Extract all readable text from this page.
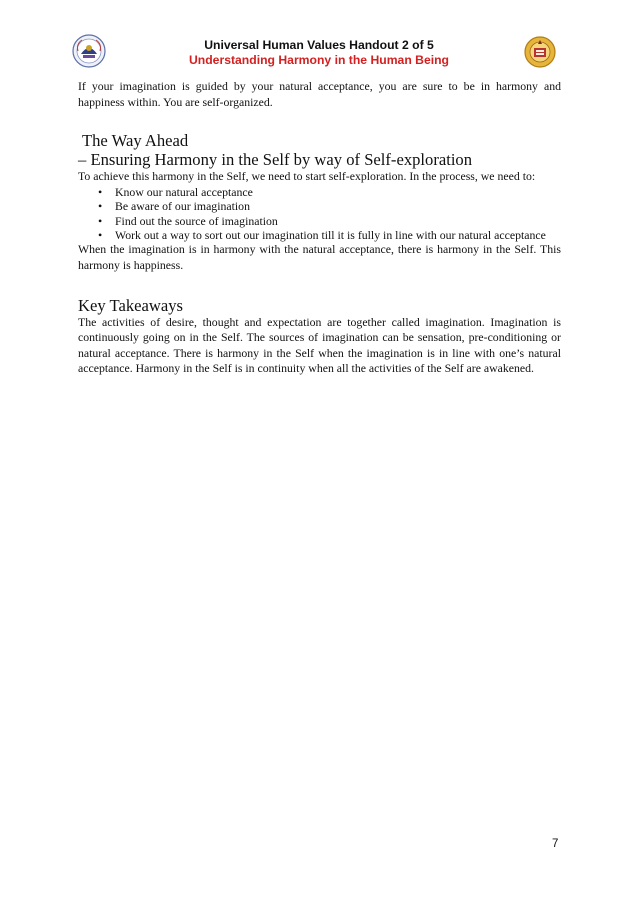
Universal Human Values Handout 2 of 5
Understanding Harmony in the Human Being

If your imagination is guided by your natural acceptance, you are sure to be in harmony and happiness within. You are self-organized.

The Way Ahead

– Ensuring Harmony in the Self by way of Self-exploration

To achieve this harmony in the Self, we need to start self-exploration. In the process, we need to:

• Know our natural acceptance
• Be aware of our imagination
• Find out the source of imagination
• Work out a way to sort out our imagination till it is fully in line with our natural acceptance

When the imagination is in harmony with the natural acceptance, there is harmony in the Self. This harmony is happiness.

Key Takeaways

The activities of desire, thought and expectation are together called imagination. Imagination is continuously going on in the Self. The sources of imagination can be sensation, pre-conditioning or natural acceptance. There is harmony in the Self when the imagination is in line with one’s natural acceptance. Harmony in the Self is in continuity when all the activities of the Self are awakened.

7
